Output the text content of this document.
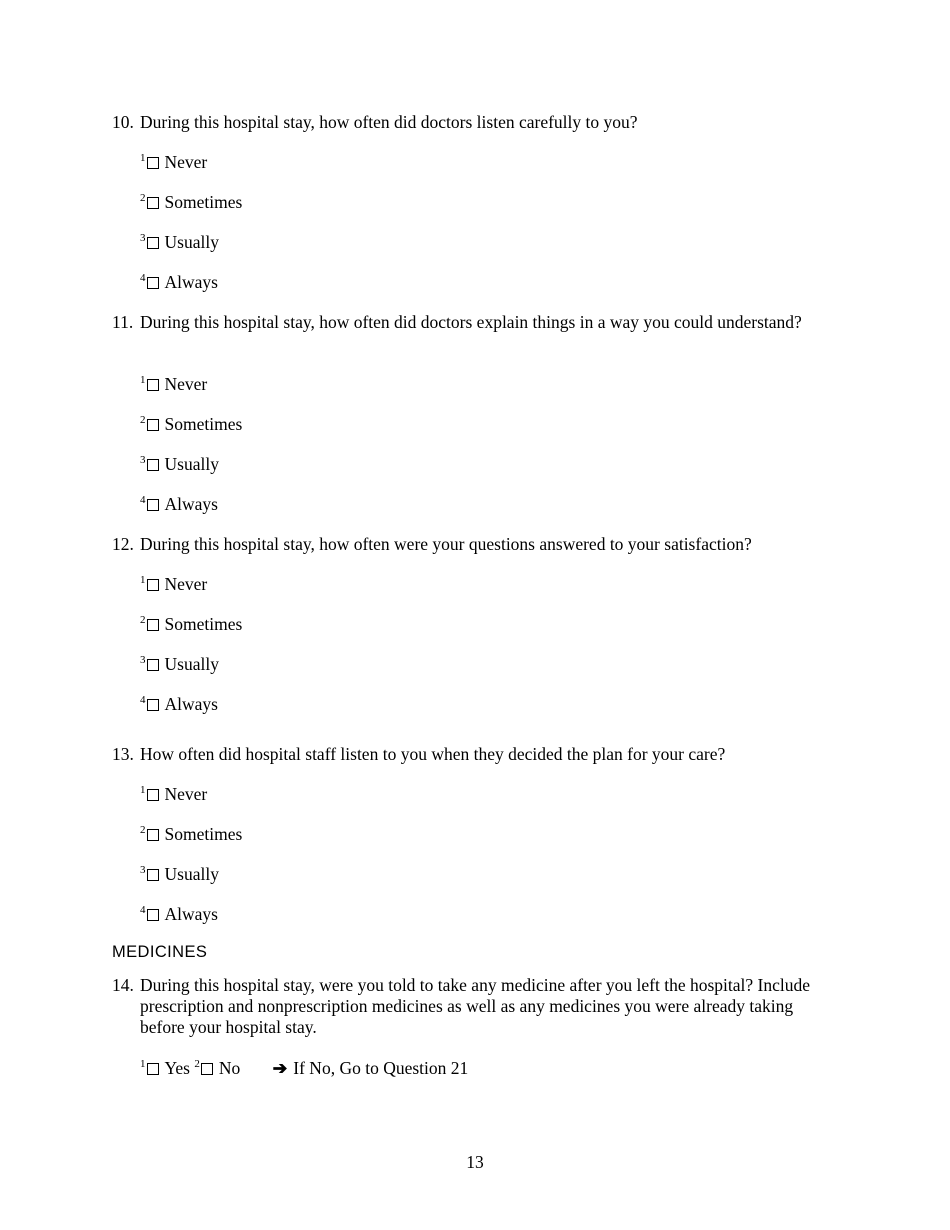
10. During this hospital stay, how often did doctors listen carefully to you?
$^1$ Never
$^2$ Sometimes
$^3$ Usually
$^4$ Always
11. During this hospital stay, how often did doctors explain things in a way you could understand?
$^1$ Never
$^2$ Sometimes
$^3$ Usually
$^4$ Always
12. During this hospital stay, how often were your questions answered to your satisfaction?
$^1$ Never
$^2$ Sometimes
$^3$ Usually
$^4$ Always
13. How often did hospital staff listen to you when they decided the plan for your care?
$^1$ Never
$^2$ Sometimes
$^3$ Usually
$^4$ Always
MEDICINES
14. During this hospital stay, were you told to take any medicine after you left the hospital? Include prescription and nonprescription medicines as well as any medicines you were already taking before your hospital stay.
$^1$ Yes $^2$ No ➔ If No, Go to Question 21
13
